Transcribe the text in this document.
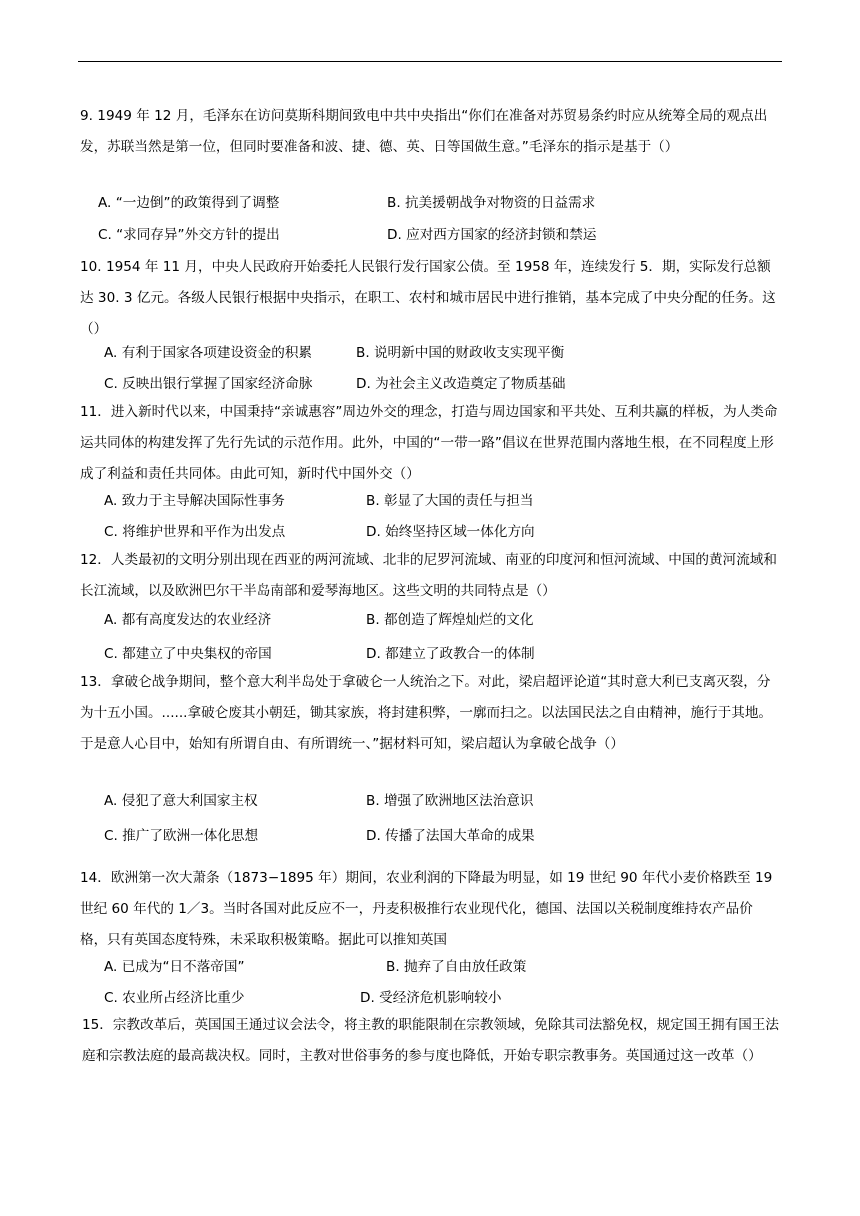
9. 1949 年 12 月，毛泽东在访问莫斯科期间致电中共中央指出“你们在准备对苏贸易条约时应从统筹全局的观点出发，苏联当然是第一位，但同时要准备和波、捷、德、英、日等国做生意。”毛泽东的指示是基于（）
A. “一边倒”的政策得到了调整	B. 抗美援朝战争对物资的日益需求
C. “求同存异”外交方针的提出	D. 应对西方国家的经济封锁和禁运
10. 1954 年 11 月，中央人民政府开始委托人民银行发行国家公债。至 1958 年，连续发行 5．期，实际发行总额达 30. 3 亿元。各级人民银行根据中央指示，在职工、农村和城市居民中进行推销，基本完成了中央分配的任务。这（）
A. 有利于国家各项建设资金的积累	B. 说明新中国的财政收支实现平衡
C. 反映出银行掌握了国家经济命脉	D. 为社会主义改造奠定了物质基础
11．进入新时代以来，中国秉持“亲诚惠容”周边外交的理念，打造与周边国家和平共处、互利共赢的样板，为人类命运共同体的构建发挥了先行先试的示范作用。此外，中国的“一带一路”倡议在世界范围内落地生根，在不同程度上形成了利益和责任共同体。由此可知，新时代中国外交（）
A. 致力于主导解决国际性事务	B. 彰显了大国的责任与担当
C. 将维护世界和平作为出发点	D. 始终坚持区域一体化方向
12．人类最初的文明分别出现在西亚的两河流域、北非的尼罗河流域、南亚的印度河和恒河流域、中国的黄河流域和长江流域，以及欧洲巴尔干半岛南部和爱琴海地区。这些文明的共同特点是（）
A. 都有高度发达的农业经济	B. 都创造了辉煌灿烂的文化
C. 都建立了中央集权的帝国	D. 都建立了政教合一的体制
13．拿破仑战争期间，整个意大利半岛处于拿破仑一人统治之下。对此，梁启超评论道“其时意大利已支离灭裂，分为十五小国。......拿破仑废其小朝廷，锄其家族，将封建积弊，一廓而扫之。以法国民法之自由精神，施行于其地。于是意人心目中，始知有所谓自由、有所谓统一、”据材料可知，梁启超认为拿破仑战争（）
A. 侵犯了意大利国家主权	B. 增强了欧洲地区法治意识
C. 推广了欧洲一体化思想	D. 传播了法国大革命的成果
14．欧洲第一次大萧条（1873−1895 年）期间，农业利润的下降最为明显，如 19 世纪 90 年代小麦价格跌至 19 世纪 60 年代的 1／3。当时各国对此反应不一，丹麦积极推行农业现代化，德国、法国以关税制度维持农产品价格，只有英国态度特殊，未采取积极策略。据此可以推知英国
A. 已成为“日不落帝国”	B. 抛弃了自由放任政策
C. 农业所占经济比重少	D. 受经济危机影响较小
15．宗教改革后，英国国王通过议会法令，将主教的职能限制在宗教领域，免除其司法豁免权，规定国王拥有国王法庭和宗教法庭的最高裁决权。同时，主教对世俗事务的参与度也降低，开始专职宗教事务。英国通过这一改革（）
